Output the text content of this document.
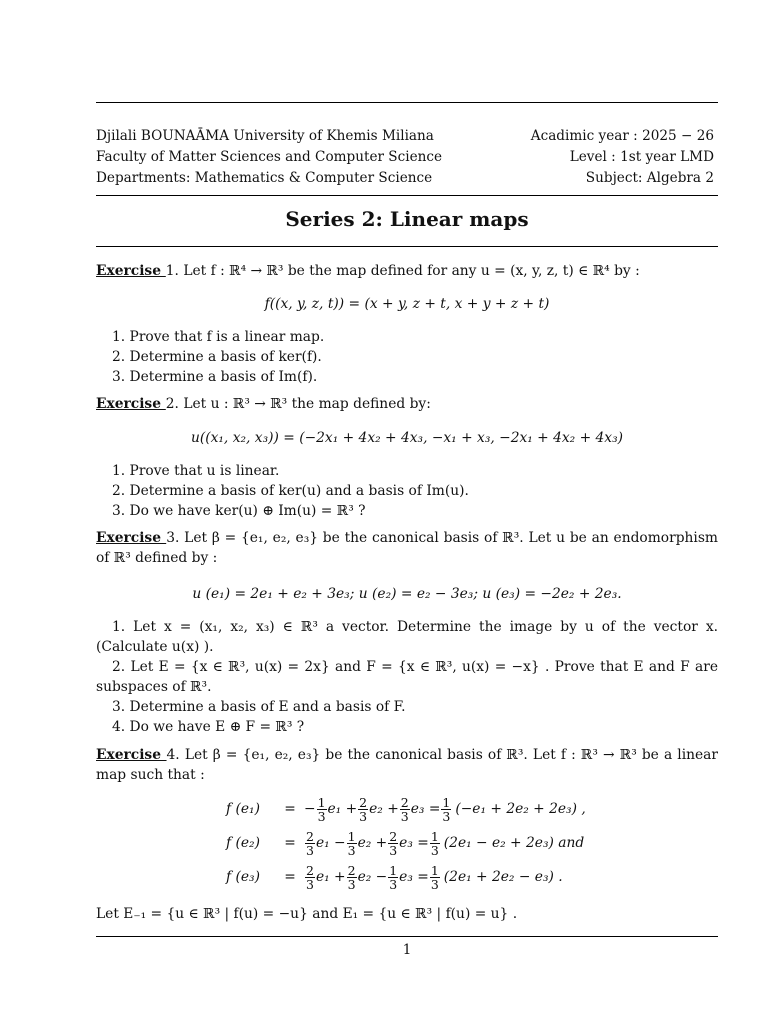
Djilali BOUNAĀMA University of Khemis Miliana
Faculty of Matter Sciences and Computer Science
Departments: Mathematics & Computer Science
Acadimic year : 2025 − 26
Level : 1st year LMD
Subject: Algebra 2
Series 2: Linear maps
Exercise 1. Let f : ℝ⁴ → ℝ³ be the map defined for any u = (x, y, z, t) ∈ ℝ⁴ by :
f((x, y, z, t)) = (x + y, z + t, x + y + z + t)
1. Prove that f is a linear map.
2. Determine a basis of ker(f).
3. Determine a basis of Im(f).
Exercise 2. Let u : ℝ³ → ℝ³ the map defined by:
u((x₁, x₂, x₃)) = (−2x₁ + 4x₂ + 4x₃, −x₁ + x₃, −2x₁ + 4x₂ + 4x₃)
1. Prove that u is linear.
2. Determine a basis of ker(u) and a basis of Im(u).
3. Do we have ker(u) ⊕ Im(u) = ℝ³ ?
Exercise 3. Let β = {e₁, e₂, e₃} be the canonical basis of ℝ³. Let u be an endomorphism of ℝ³ defined by :
u (e₁) = 2e₁ + e₂ + 3e₃; u (e₂) = e₂ − 3e₃; u (e₃) = −2e₂ + 2e₃.
1. Let x = (x₁, x₂, x₃) ∈ ℝ³ a vector. Determine the image by u of the vector x. (Calculate u(x) ).
2. Let E = {x ∈ ℝ³, u(x) = 2x} and F = {x ∈ ℝ³, u(x) = −x} . Prove that E and F are subspaces of ℝ³.
3. Determine a basis of E and a basis of F.
4. Do we have E ⊕ F = ℝ³ ?
Exercise 4. Let β = {e₁, e₂, e₃} be the canonical basis of ℝ³. Let f : ℝ³ → ℝ³ be a linear map such that :
f (e₁)	= − $\frac{1}{3} e_1 + \frac{2}{3} e_2 + \frac{2}{3} e_3 = \frac{1}{3} (-e_1 + 2e_2 + 2e_3)$ ,
f (e₂)	= $\frac{2}{3} e_1 - \frac{1}{3} e_2 + \frac{2}{3} e_3 = \frac{1}{3} (2e_1 - e_2 + 2e_3)$ and
f (e₃)	= $\frac{2}{3} e_1 + \frac{2}{3} e_2 - \frac{1}{3} e_3 = \frac{1}{3} (2e_1 + 2e_2 - e_3)$ .
Let E₋₁ = {u ∈ ℝ³ | f(u) = −u} and E₁ = {u ∈ ℝ³ | f(u) = u} .
1
